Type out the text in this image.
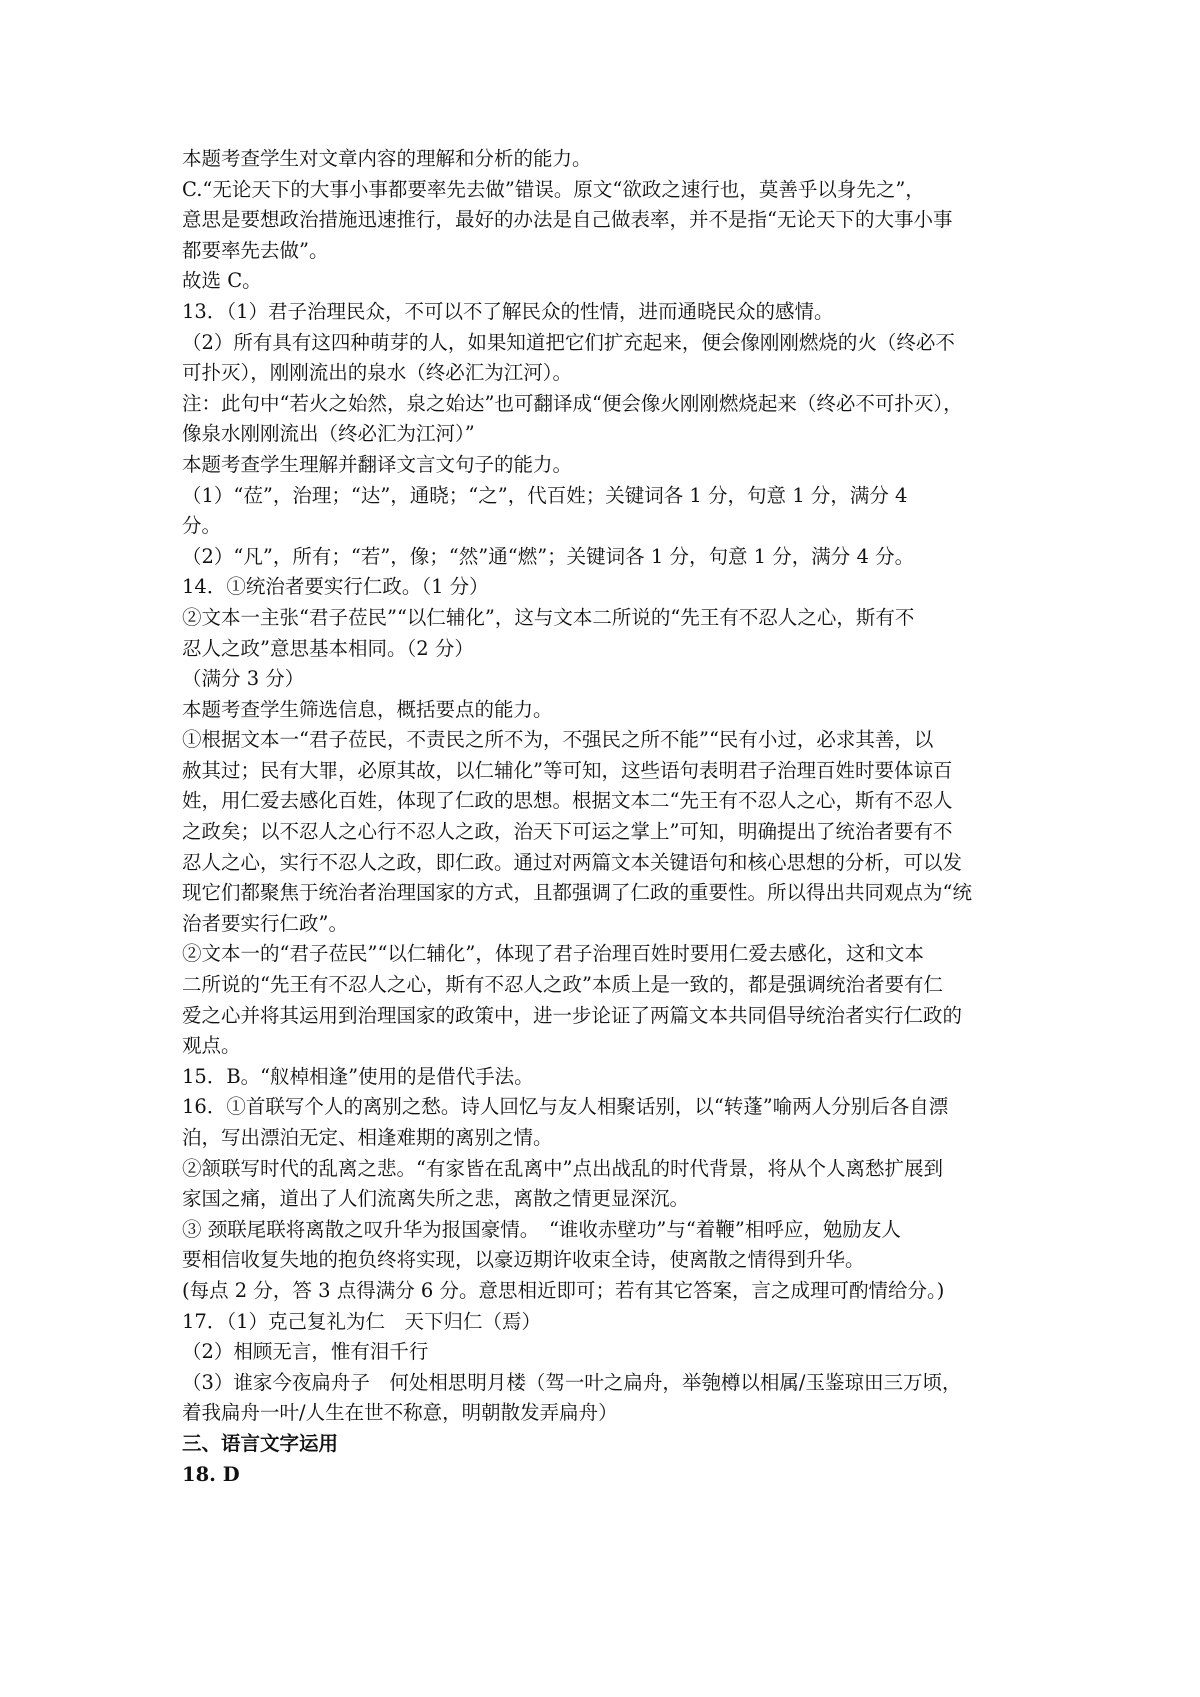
本题考查学生对文章内容的理解和分析的能力。
C.“无论天下的大事小事都要率先去做”错误。原文“欲政之速行也，莫善乎以身先之”，
意思是要想政治措施迅速推行，最好的办法是自己做表率，并不是指“无论天下的大事小事
都要率先去做”。
故选 C。
13．（1）君子治理民众，不可以不了解民众的性情，进而通晓民众的感情。
（2）所有具有这四种萌芽的人，如果知道把它们扩充起来，便会像刚刚燃烧的火（终必不
可扑灭），刚刚流出的泉水（终必汇为江河）。
注：此句中“若火之始然，泉之始达”也可翻译成“便会像火刚刚燃烧起来（终必不可扑灭），
像泉水刚刚流出（终必汇为江河）”
本题考查学生理解并翻译文言文句子的能力。
（1）“莅”，治理；“达”，通晓；“之”，代百姓；关键词各 1 分，句意 1 分，满分 4
分。
（2）“凡”，所有；“若”，像；“然”通“燃”；关键词各 1 分，句意 1 分，满分 4 分。
14．①统治者要实行仁政。（1 分）
②文本一主张“君子莅民”“以仁辅化”，这与文本二所说的“先王有不忍人之心，斯有不
忍人之政”意思基本相同。（2 分）
（满分 3 分）
本题考查学生筛选信息，概括要点的能力。
①根据文本一“君子莅民，不责民之所不为，不强民之所不能”“民有小过，必求其善，以
赦其过；民有大罪，必原其故，以仁辅化”等可知，这些语句表明君子治理百姓时要体谅百
姓，用仁爱去感化百姓，体现了仁政的思想。根据文本二“先王有不忍人之心，斯有不忍人
之政矣；以不忍人之心行不忍人之政，治天下可运之掌上”可知，明确提出了统治者要有不
忍人之心，实行不忍人之政，即仁政。通过对两篇文本关键语句和核心思想的分析，可以发
现它们都聚焦于统治者治理国家的方式，且都强调了仁政的重要性。所以得出共同观点为“统
治者要实行仁政”。
②文本一的“君子莅民”“以仁辅化”，体现了君子治理百姓时要用仁爱去感化，这和文本
二所说的“先王有不忍人之心，斯有不忍人之政”本质上是一致的，都是强调统治者要有仁
爱之心并将其运用到治理国家的政策中，进一步论证了两篇文本共同倡导统治者实行仁政的
观点。
15．B。“舣棹相逢”使用的是借代手法。
16．①首联写个人的离别之愁。诗人回忆与友人相聚话别，以“转蓬”喻两人分别后各自漂
泊，写出漂泊无定、相逢难期的离别之情。
②颔联写时代的乱离之悲。“有家皆在乱离中”点出战乱的时代背景，将从个人离愁扩展到
家国之痛，道出了人们流离失所之悲，离散之情更显深沉。
③ 颈联尾联将离散之叹升华为报国豪情。　“谁收赤壁功”与“着鞭”相呼应，勉励友人
要相信收复失地的抱负终将实现，以豪迈期许收束全诗，使离散之情得到升华。
(每点 2 分，答 3 点得满分 6 分。意思相近即可；若有其它答案，言之成理可酌情给分。)
17．（1）克己复礼为仁　天下归仁（焉）
（2）相顾无言，惟有泪千行
（3）谁家今夜扁舟子　何处相思明月楼（驾一叶之扁舟，举匏樽以相属/玉鉴琼田三万顷，
着我扁舟一叶/人生在世不称意，明朝散发弄扁舟）
三、语言文字运用
18. D
